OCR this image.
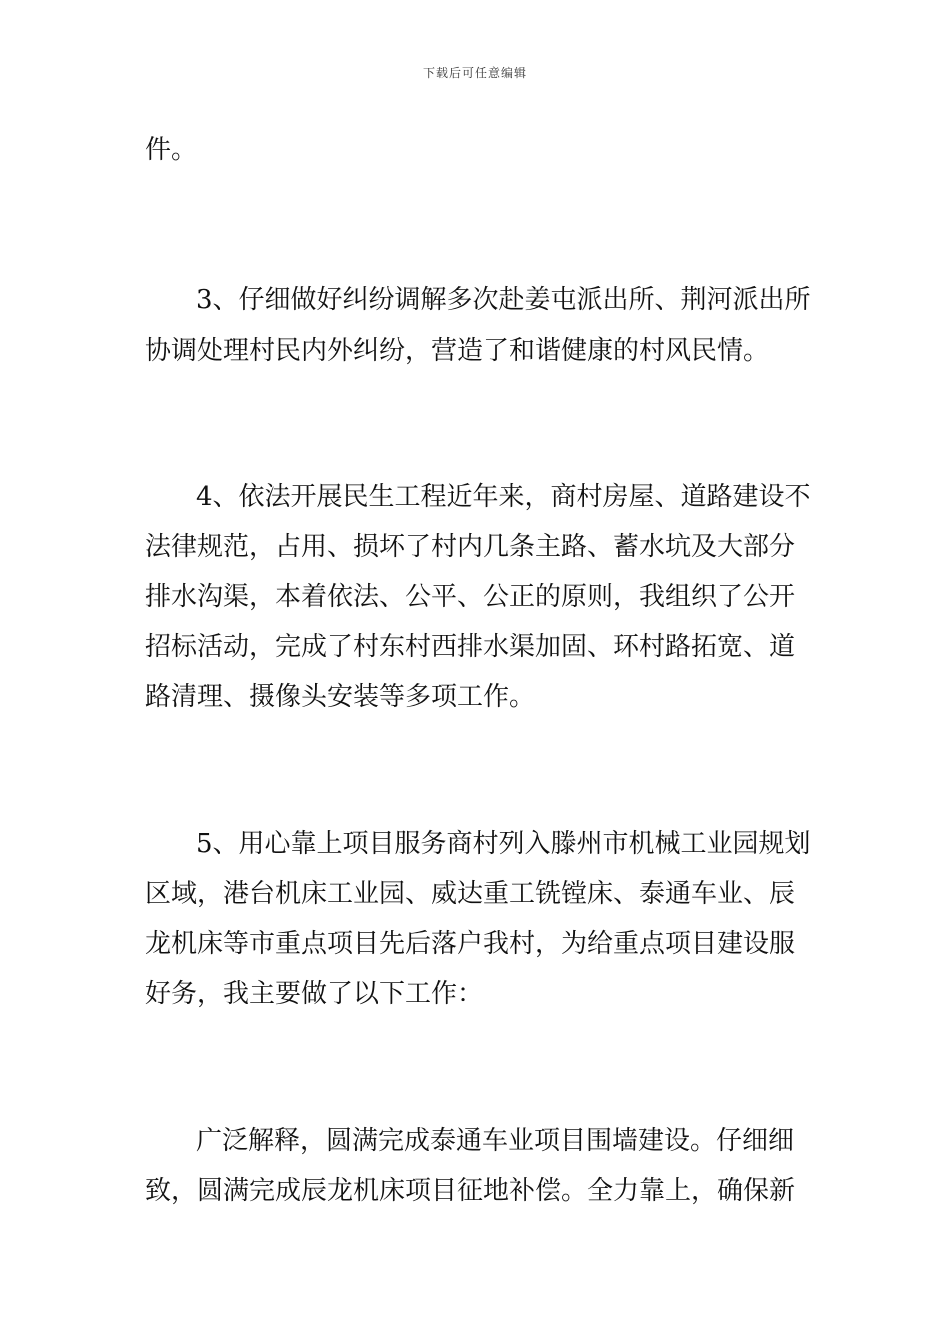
下载后可任意编辑
件。
3、仔细做好纠纷调解多次赴姜屯派出所、荆河派出所
协调处理村民内外纠纷，营造了和谐健康的村风民情。
4、依法开展民生工程近年来，商村房屋、道路建设不
法律规范，占用、损坏了村内几条主路、蓄水坑及大部分
排水沟渠，本着依法、公平、公正的原则，我组织了公开
招标活动，完成了村东村西排水渠加固、环村路拓宽、道
路清理、摄像头安装等多项工作。
5、用心靠上项目服务商村列入滕州市机械工业园规划
区域，港台机床工业园、威达重工铣镗床、泰通车业、辰
龙机床等市重点项目先后落户我村，为给重点项目建设服
好务，我主要做了以下工作：
广泛解释，圆满完成泰通车业项目围墙建设。仔细细
致，圆满完成辰龙机床项目征地补偿。全力靠上，确保新
